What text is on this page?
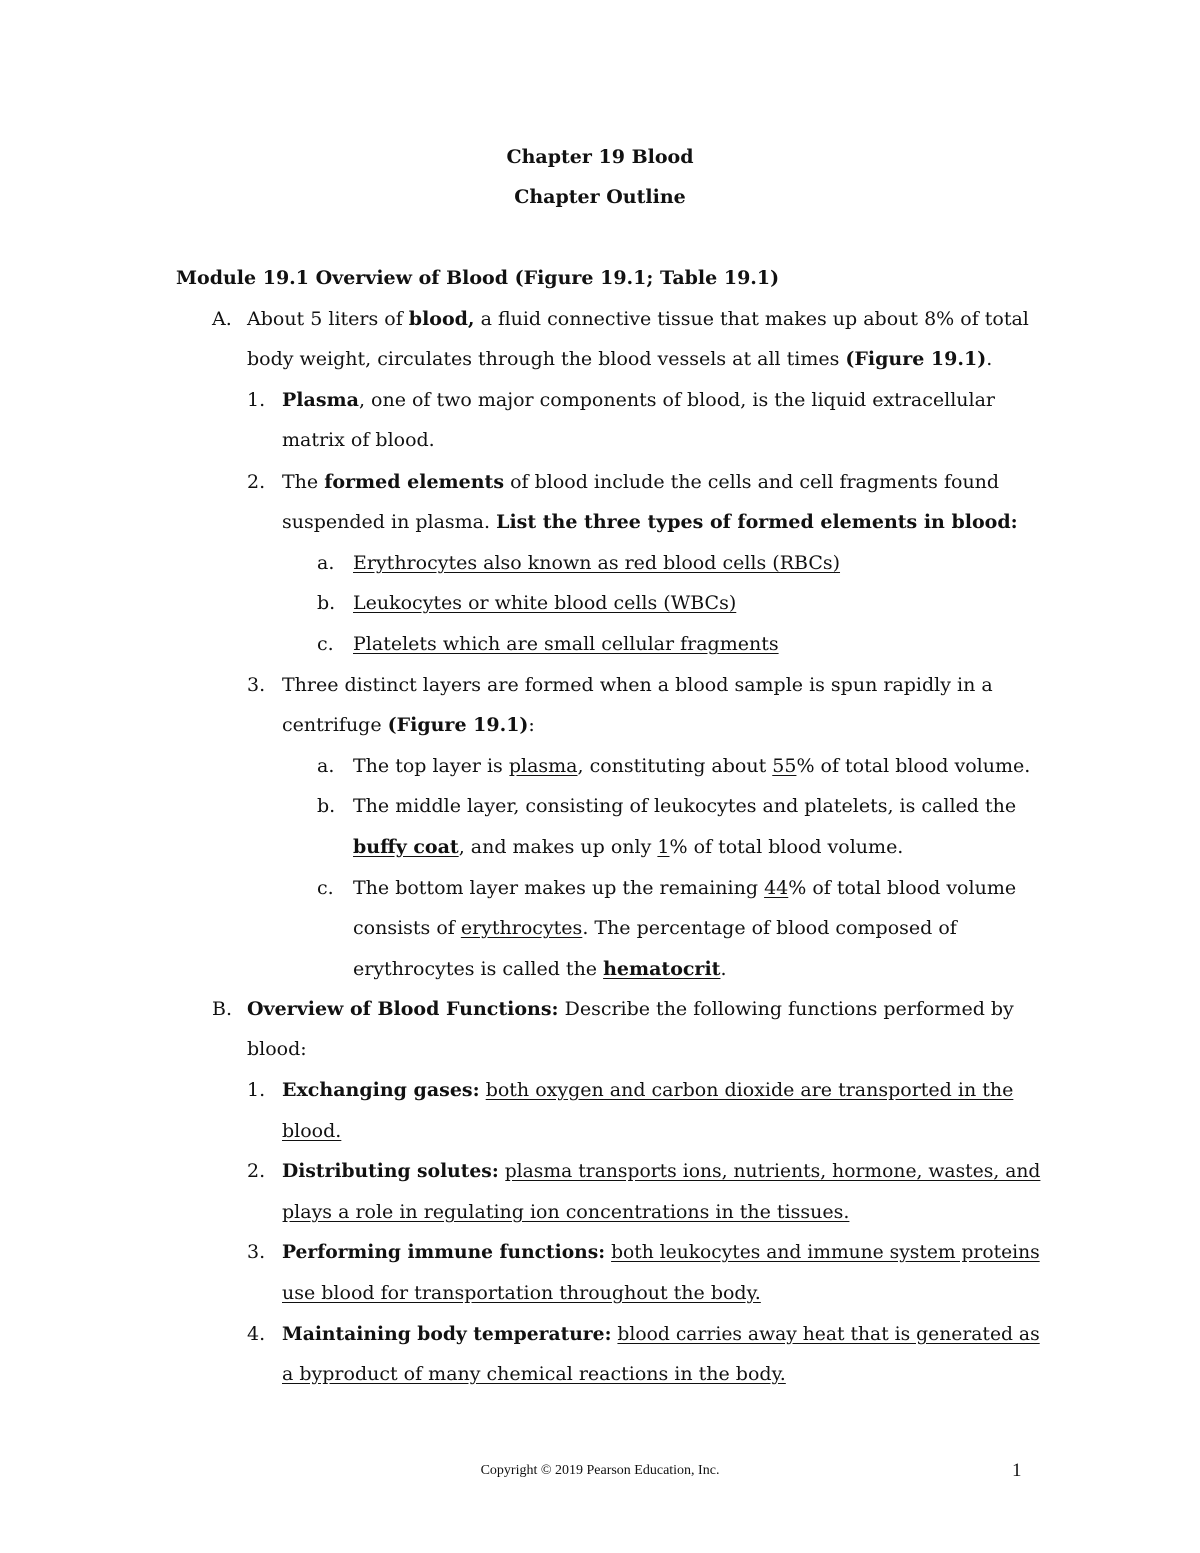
Chapter 19 Blood
Chapter Outline
Module 19.1 Overview of Blood (Figure 19.1; Table 19.1)
A. About 5 liters of blood, a fluid connective tissue that makes up about 8% of total
body weight, circulates through the blood vessels at all times (Figure 19.1).
1. Plasma, one of two major components of blood, is the liquid extracellular
matrix of blood.
2. The formed elements of blood include the cells and cell fragments found
suspended in plasma. List the three types of formed elements in blood:
a. Erythrocytes also known as red blood cells (RBCs)
b. Leukocytes or white blood cells (WBCs)
c. Platelets which are small cellular fragments
3. Three distinct layers are formed when a blood sample is spun rapidly in a
centrifuge (Figure 19.1):
a. The top layer is plasma, constituting about 55% of total blood volume.
b. The middle layer, consisting of leukocytes and platelets, is called the
buffy coat, and makes up only 1% of total blood volume.
c. The bottom layer makes up the remaining 44% of total blood volume
consists of erythrocytes. The percentage of blood composed of
erythrocytes is called the hematocrit.
B. Overview of Blood Functions: Describe the following functions performed by
blood:
1. Exchanging gases: both oxygen and carbon dioxide are transported in the
blood.
2. Distributing solutes: plasma transports ions, nutrients, hormone, wastes, and
plays a role in regulating ion concentrations in the tissues.
3. Performing immune functions: both leukocytes and immune system proteins
use blood for transportation throughout the body.
4. Maintaining body temperature: blood carries away heat that is generated as
a byproduct of many chemical reactions in the body.
Copyright © 2019 Pearson Education, Inc.	1
